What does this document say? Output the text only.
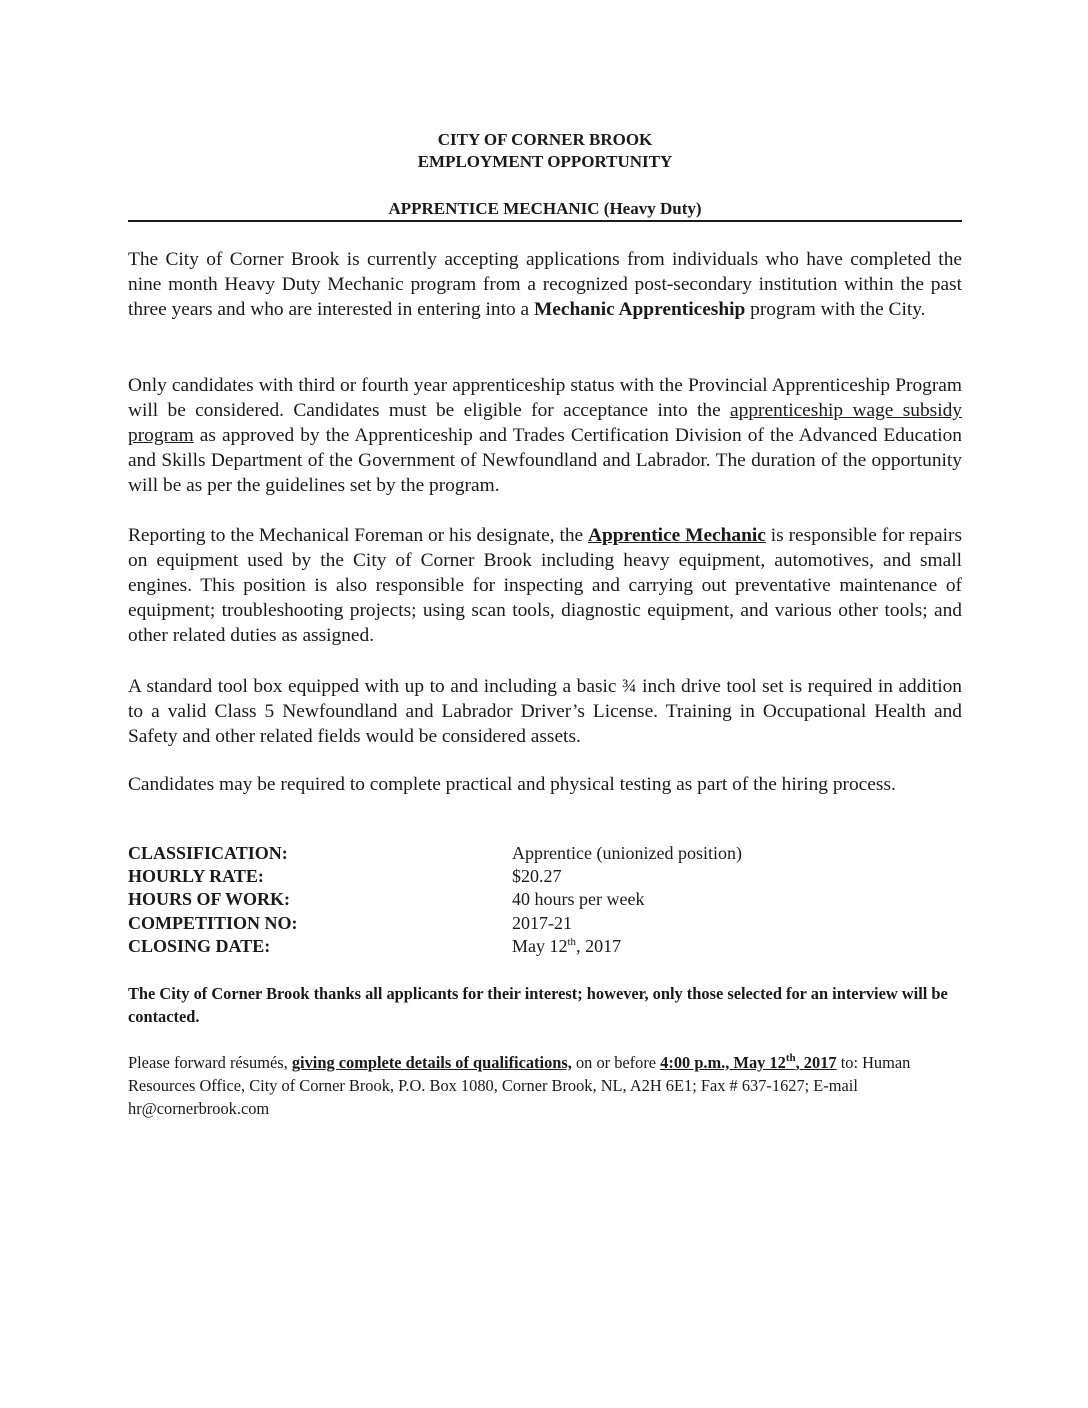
CITY OF CORNER BROOK
EMPLOYMENT OPPORTUNITY
APPRENTICE MECHANIC (Heavy Duty)
The City of Corner Brook is currently accepting applications from individuals who have completed the nine month Heavy Duty Mechanic program from a recognized post-secondary institution within the past three years and who are interested in entering into a Mechanic Apprenticeship program with the City.
Only candidates with third or fourth year apprenticeship status with the Provincial Apprenticeship Program will be considered. Candidates must be eligible for acceptance into the apprenticeship wage subsidy program as approved by the Apprenticeship and Trades Certification Division of the Advanced Education and Skills Department of the Government of Newfoundland and Labrador. The duration of the opportunity will be as per the guidelines set by the program.
Reporting to the Mechanical Foreman or his designate, the Apprentice Mechanic is responsible for repairs on equipment used by the City of Corner Brook including heavy equipment, automotives, and small engines. This position is also responsible for inspecting and carrying out preventative maintenance of equipment; troubleshooting projects; using scan tools, diagnostic equipment, and various other tools; and other related duties as assigned.
A standard tool box equipped with up to and including a basic ¾ inch drive tool set is required in addition to a valid Class 5 Newfoundland and Labrador Driver’s License. Training in Occupational Health and Safety and other related fields would be considered assets.
Candidates may be required to complete practical and physical testing as part of the hiring process.
CLASSIFICATION:	Apprentice (unionized position)
HOURLY RATE:	$20.27
HOURS OF WORK:	40 hours per week
COMPETITION NO:	2017-21
CLOSING DATE:	May 12th, 2017
The City of Corner Brook thanks all applicants for their interest; however, only those selected for an interview will be contacted.
Please forward résumés, giving complete details of qualifications, on or before 4:00 p.m., May 12th, 2017 to: Human Resources Office, City of Corner Brook, P.O. Box 1080, Corner Brook, NL, A2H 6E1; Fax # 637-1627; E-mail hr@cornerbrook.com
